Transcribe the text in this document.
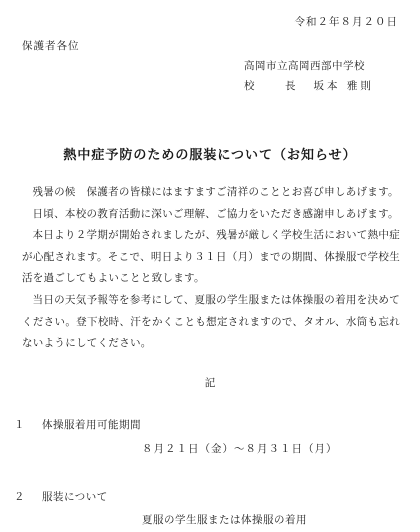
令和２年８月２０日
保護者各位
高岡市立高岡西部中学校
校　長 坂本 雅則
熱中症予防のための服装について（お知らせ）

残暑の候　保護者の皆様にはますますご清祥のこととお喜び申しあげます。

日頃、本校の教育活動に深いご理解、ご協力をいただき感謝申しあげます。

本日より２学期が開始されましたが、残暑が厳しく学校生活において熱中症が心配されます。そこで、明日より３１日（月）までの期間、体操服で学校生活を過ごしてもよいことと致します。

当日の天気予報等を参考にして、夏服の学生服または体操服の着用を決めてください。登下校時、汗をかくことも想定されますので、タオル、水筒も忘れないようにしてください。

記
１ 体操服着用可能期間
８月２１日（金）～８月３１日（月）
２ 服装について
夏服の学生服または体操服の着用
